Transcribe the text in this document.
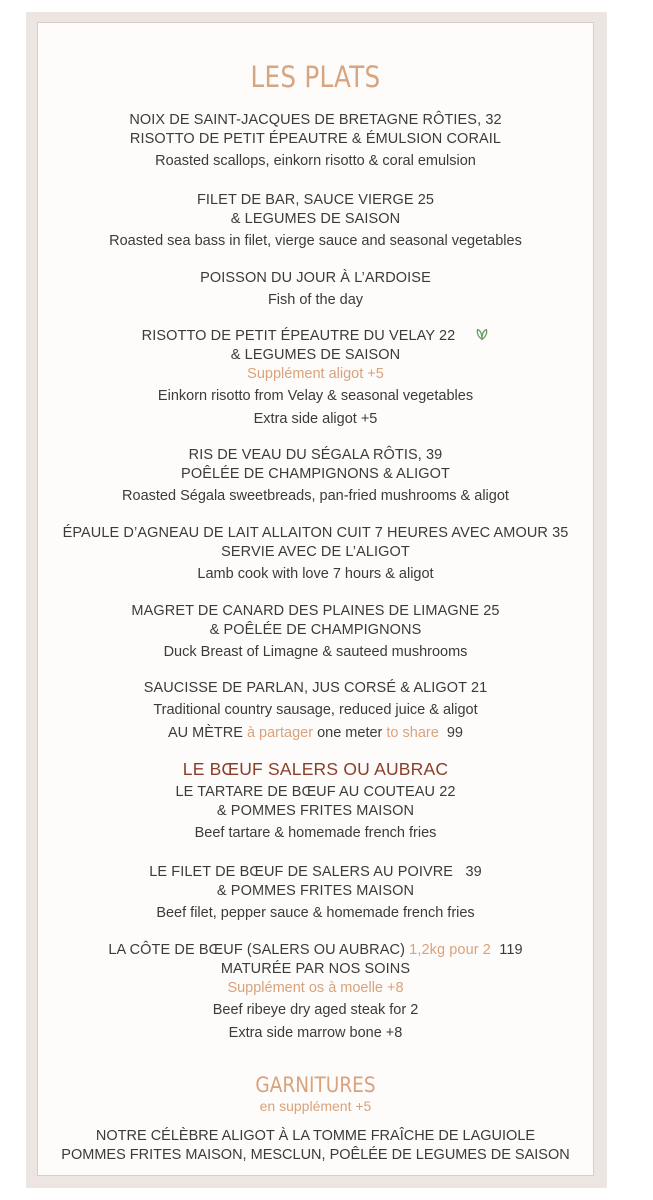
LES PLATS
NOIX DE SAINT-JACQUES DE BRETAGNE RÔTIES, 32
RISOTTO DE PETIT ÉPEAUTRE & ÉMULSION CORAIL
Roasted scallops, einkorn risotto & coral emulsion
FILET DE BAR, SAUCE VIERGE 25
& LEGUMES DE SAISON
Roasted sea bass in filet, vierge sauce and seasonal vegetables
POISSON DU JOUR À L’ARDOISE
Fish of the day
RISOTTO DE PETIT ÉPEAUTRE DU VELAY 22
& LEGUMES DE SAISON
Supplément aligot +5
Einkorn risotto from Velay & seasonal vegetables
Extra side aligot +5
RIS DE VEAU DU SÉGALA RÔTIS, 39
POÊLÉE DE CHAMPIGNONS & ALIGOT
Roasted Ségala sweetbreads, pan-fried mushrooms & aligot
ÉPAULE D’AGNEAU DE LAIT ALLAITON CUIT 7 HEURES AVEC AMOUR 35
SERVIE AVEC DE L’ALIGOT
Lamb cook with love 7 hours & aligot
MAGRET DE CANARD DES PLAINES DE LIMAGNE 25
& POÊLÉE DE CHAMPIGNONS
Duck Breast of Limagne & sauteed mushrooms
SAUCISSE DE PARLAN, JUS CORSÉ & ALIGOT 21
Traditional country sausage, reduced juice & aligot
AU MÈTRE à partager one meter to share  99
LE BŒUF SALERS OU AUBRAC
LE TARTARE DE BŒUF AU COUTEAU 22
& POMMES FRITES MAISON
Beef tartare & homemade french fries
LE FILET DE BŒUF DE SALERS AU POIVRE   39
& POMMES FRITES MAISON
Beef filet, pepper sauce & homemade french fries
LA CÔTE DE BŒUF (SALERS OU AUBRAC) 1,2kg pour 2  119
MATURÉE PAR NOS SOINS
Supplément os à moelle +8
Beef ribeye dry aged steak for 2
Extra side marrow bone +8
GARNITURES
en supplément +5
NOTRE CÉLÈBRE ALIGOT À LA TOMME FRAÎCHE DE LAGUIOLE
POMMES FRITES MAISON, MESCLUN, POÊLÉE DE LEGUMES DE SAISON
